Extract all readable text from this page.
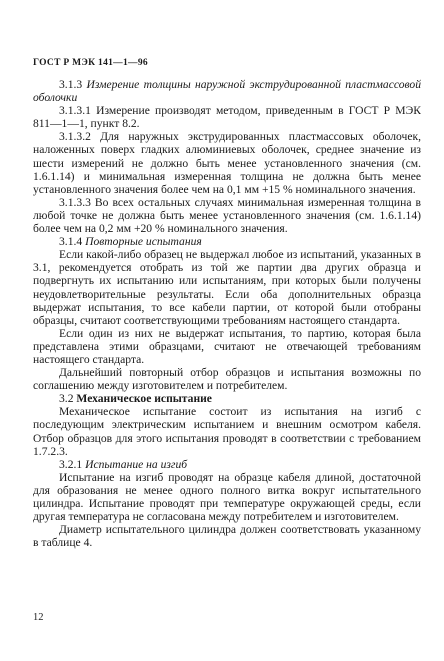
ГОСТ Р МЭК 141—1—96

3.1.3 Измерение толщины наружной экструдированной пластмассовой оболочки

3.1.3.1 Измерение производят методом, приведенным в ГОСТ Р МЭК 811—1—1, пункт 8.2.

3.1.3.2 Для наружных экструдированных пластмассовых оболочек, наложенных поверх гладких алюминиевых оболочек, среднее значение из шести измерений не должно быть менее установленного значения (см. 1.6.1.14) и минимальная измеренная толщина не должна быть менее установленного значения более чем на 0,1 мм +15 % номинального значения.

3.1.3.3 Во всех остальных случаях минимальная измеренная толщина в любой точке не должна быть менее установленного значения (см. 1.6.1.14) более чем на 0,2 мм +20 % номинального значения.

3.1.4 Повторные испытания

Если какой-либо образец не выдержал любое из испытаний, указанных в 3.1, рекомендуется отобрать из той же партии два других образца и подвергнуть их испытанию или испытаниям, при которых были получены неудовлетворительные результаты. Если оба дополнительных образца выдержат испытания, то все кабели партии, от которой были отобраны образцы, считают соответствующими требованиям настоящего стандарта.

Если один из них не выдержат испытания, то партию, которая была представлена этими образцами, считают не отвечающей требованиям настоящего стандарта.

Дальнейший повторный отбор образцов и испытания возможны по соглашению между изготовителем и потребителем.

3.2 Механическое испытание

Механическое испытание состоит из испытания на изгиб с последующим электрическим испытанием и внешним осмотром кабеля. Отбор образцов для этого испытания проводят в соответствии с требованием 1.7.2.3.

3.2.1 Испытание на изгиб

Испытание на изгиб проводят на образце кабеля длиной, достаточной для образования не менее одного полного витка вокруг испытательного цилиндра. Испытание проводят при температуре окружающей среды, если другая температура не согласована между потребителем и изготовителем.

Диаметр испытательного цилиндра должен соответствовать указанному в таблице 4.

12
